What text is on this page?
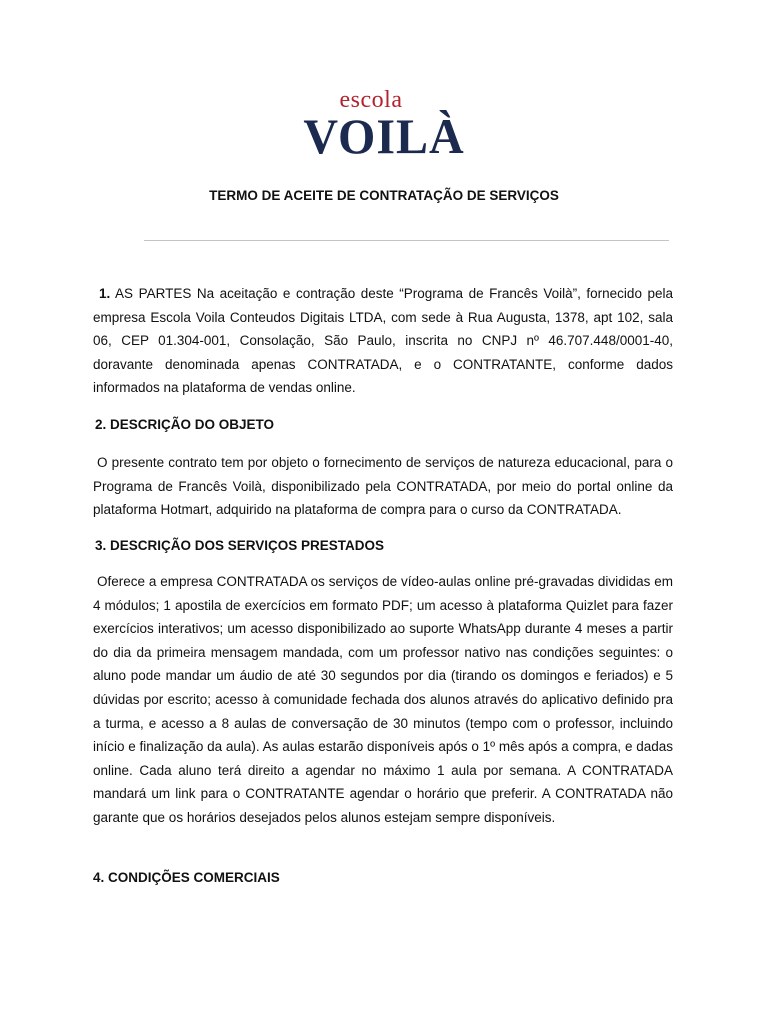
escola
VOILÀ
TERMO DE ACEITE DE CONTRATAÇÃO DE SERVIÇOS

1. AS PARTES Na aceitação e contração deste “Programa de Francês Voilà”, fornecido pela empresa Escola Voila Conteudos Digitais LTDA, com sede à Rua Augusta, 1378, apt 102, sala 06, CEP 01.304-001, Consolação, São Paulo, inscrita no CNPJ nº 46.707.448/0001-40, doravante denominada apenas CONTRATADA, e o CONTRATANTE, conforme dados informados na plataforma de vendas online.

2. DESCRIÇÃO DO OBJETO

O presente contrato tem por objeto o fornecimento de serviços de natureza educacional, para o Programa de Francês Voilà, disponibilizado pela CONTRATADA, por meio do portal online da plataforma Hotmart, adquirido na plataforma de compra para o curso da CONTRATADA.

3. DESCRIÇÃO DOS SERVIÇOS PRESTADOS

Oferece a empresa CONTRATADA os serviços de vídeo-aulas online pré-gravadas divididas em 4 módulos; 1 apostila de exercícios em formato PDF; um acesso à plataforma Quizlet para fazer exercícios interativos; um acesso disponibilizado ao suporte WhatsApp durante 4 meses a partir do dia da primeira mensagem mandada, com um professor nativo nas condições seguintes: o aluno pode mandar um áudio de até 30 segundos por dia (tirando os domingos e feriados) e 5 dúvidas por escrito; acesso à comunidade fechada dos alunos através do aplicativo definido pra a turma, e acesso a 8 aulas de conversação de 30 minutos (tempo com o professor, incluindo início e finalização da aula). As aulas estarão disponíveis após o 1º mês após a compra, e dadas online. Cada aluno terá direito a agendar no máximo 1 aula por semana. A CONTRATADA mandará um link para o CONTRATANTE agendar o horário que preferir. A CONTRATADA não garante que os horários desejados pelos alunos estejam sempre disponíveis.

4. CONDIÇÕES COMERCIAIS
